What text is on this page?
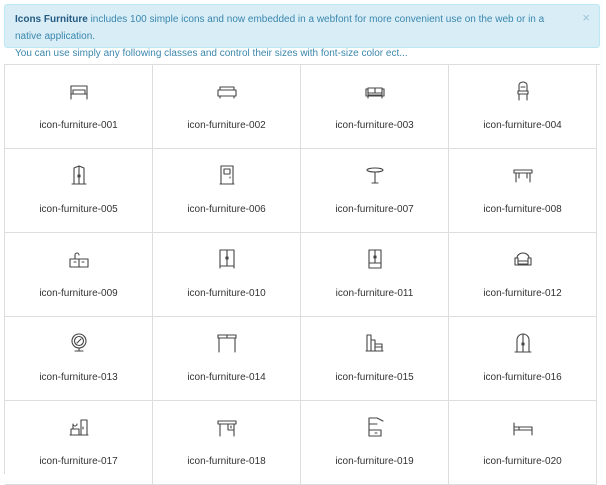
Icons Furniture includes 100 simple icons and now embedded in a webfont for more convenient use on the web or in a native application.
You can use simply any following classes and control their sizes with font-size color ect...
×
icon-furniture-001	icon-furniture-002	icon-furniture-003	icon-furniture-004
icon-furniture-005	icon-furniture-006	icon-furniture-007	icon-furniture-008
icon-furniture-009	icon-furniture-010	icon-furniture-011	icon-furniture-012
icon-furniture-013	icon-furniture-014	icon-furniture-015	icon-furniture-016
icon-furniture-017	icon-furniture-018	icon-furniture-019	icon-furniture-020
